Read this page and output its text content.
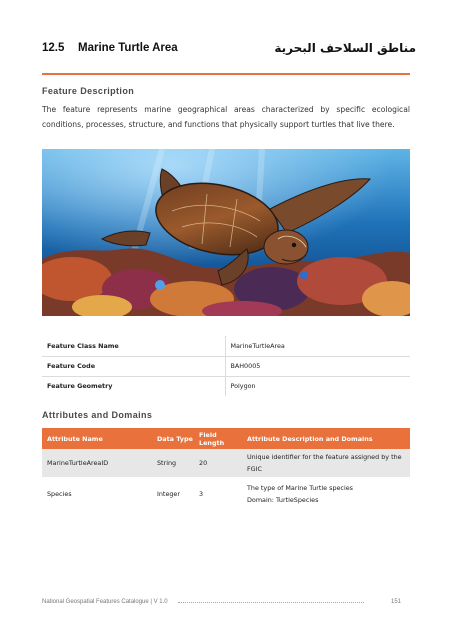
12.5 Marine Turtle Area	مناطق السلاحف البحرية
Feature Description

The feature represents marine geographical areas characterized by specific ecological conditions, processes, structure, and functions that physically support turtles that live there.

Feature Class Name	MarineTurtleArea
Feature Code	BAH0005
Feature Geometry	Polygon
Attributes and Domains
Attribute Name	Data Type	Field Length	Attribute Description and Domains
MarineTurtleAreaID	String	20	Unique identifier for the feature assigned by the
FGIC

Species	Integer	3	The type of Marine Turtle species
Domain: TurtleSpecies
National Geospatial Features Catalogue | V 1.0	151
